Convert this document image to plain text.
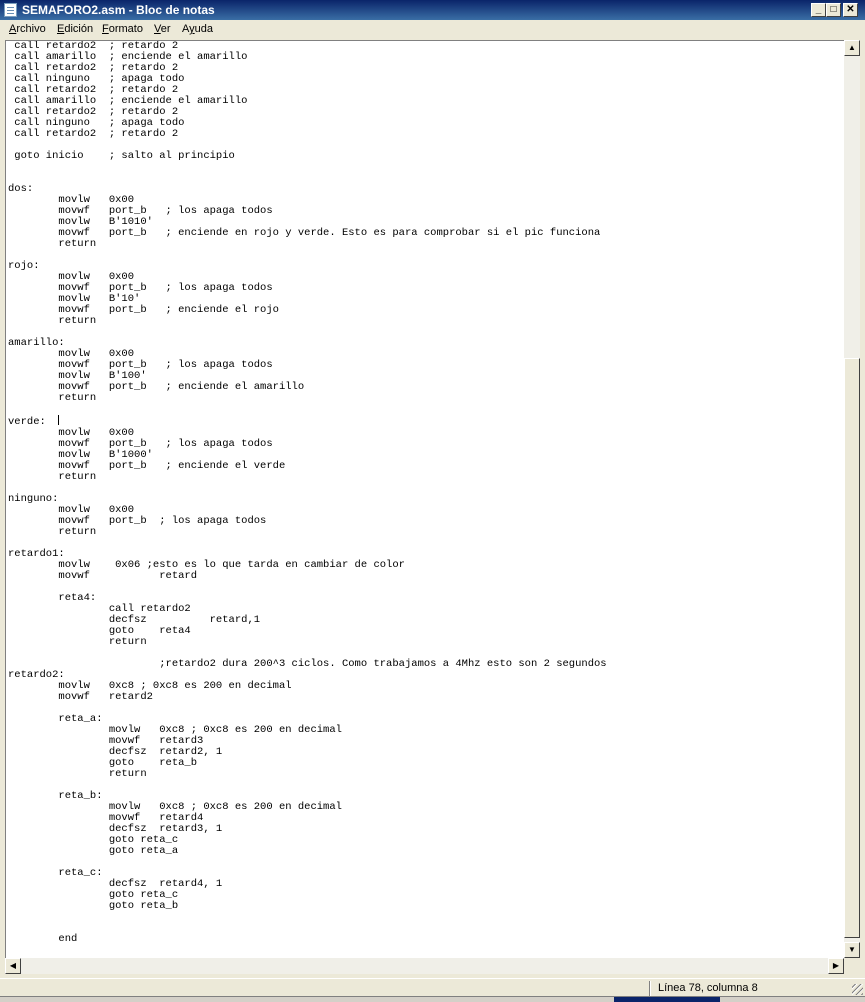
SEMAFORO2.asm - Bloc de notas	_ □ ✕
Archivo Edición Formato Ver Ayuda
call retardo2  ; retardo 2
call amarillo  ; enciende el amarillo
call retardo2  ; retardo 2
call ninguno   ; apaga todo
call retardo2  ; retardo 2
call amarillo  ; enciende el amarillo
call retardo2  ; retardo 2
call ninguno   ; apaga todo
call retardo2  ; retardo 2

goto inicio    ; salto al principio

dos:
movlw   0x00
movwf   port_b   ; los apaga todos
movlw   B'1010'
movwf   port_b   ; enciende en rojo y verde. Esto es para comprobar si el pic funciona
return

rojo:
movlw   0x00
movwf   port_b   ; los apaga todos
movlw   B'10'
movwf   port_b   ; enciende el rojo
return

amarillo:
movlw   0x00
movwf   port_b   ; los apaga todos
movlw   B'100'
movwf   port_b   ; enciende el amarillo
return

verde:
movlw   0x00
movwf   port_b   ; los apaga todos
movlw   B'1000'
movwf   port_b   ; enciende el verde
return

ninguno:
movlw   0x00
movwf   port_b  ; los apaga todos
return

retardo1:
movlw    0x06 ;esto es lo que tarda en cambiar de color
movwf           retard

reta4:
call retardo2
decfsz          retard,1
goto    reta4
return

;retardo2 dura 200^3 ciclos. Como trabajamos a 4Mhz esto son 2 segundos
retardo2:
movlw   0xc8 ; 0xc8 es 200 en decimal
movwf   retard2

reta_a:
movlw   0xc8 ; 0xc8 es 200 en decimal
movwf   retard3
decfsz  retard2, 1
goto    reta_b
return

reta_b:
movlw   0xc8 ; 0xc8 es 200 en decimal
movwf   retard4
decfsz  retard3, 1
goto reta_c
goto reta_a

reta_c:
decfsz  retard4, 1
goto reta_c
goto reta_b

end
▲
▼
◀	▶
Línea 78, columna 8
